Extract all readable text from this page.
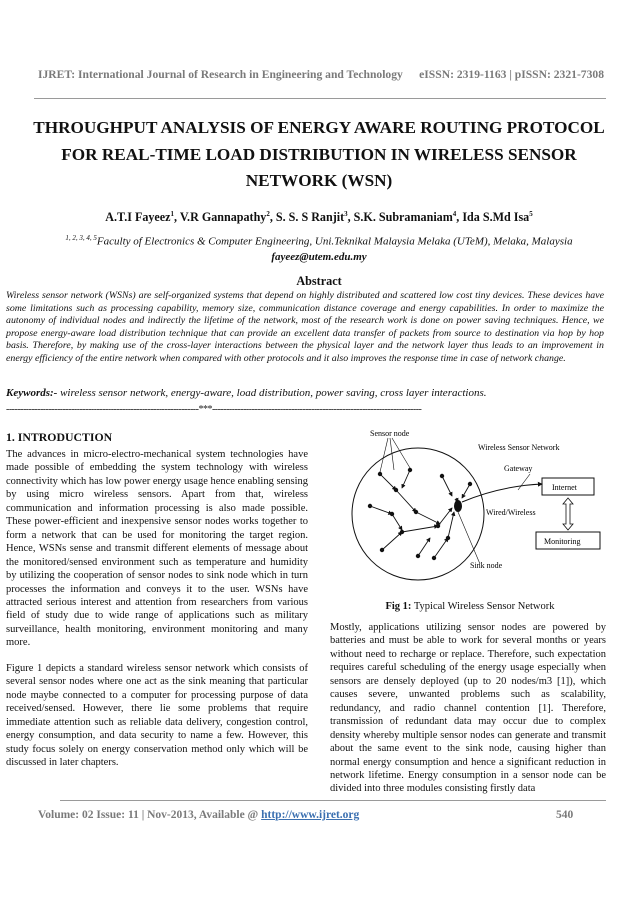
IJRET: International Journal of Research in Engineering and Technology eISSN: 2319-1163 | pISSN: 2321-7308
THROUGHPUT ANALYSIS OF ENERGY AWARE ROUTING PROTOCOL FOR REAL-TIME LOAD DISTRIBUTION IN WIRELESS SENSOR NETWORK (WSN)
A.T.I Fayeez$^1$, V.R Gannapathy$^2$, S. S. S Ranjit$^3$, S.K. Subramaniam$^4$, Ida S.Md Isa$^5$
$^{1, 2, 3, 4, 5}$Faculty of Electronics & Computer Engineering, Uni.Teknikal Malaysia Melaka (UTeM), Melaka, Malaysia
fayeez@utem.edu.my
Abstract
Wireless sensor network (WSNs) are self-organized systems that depend on highly distributed and scattered low cost tiny devices. These devices have some limitations such as processing capability, memory size, communication distance coverage and energy capabilities. In order to maximize the autonomy of individual nodes and indirectly the lifetime of the network, most of the research work is done on power saving techniques. Hence, we propose energy-aware load distribution technique that can provide an excellent data transfer of packets from source to destination via hop by hop basis. Therefore, by making use of the cross-layer interactions between the physical layer and the network layer thus leads to an improvement in energy efficiency of the entire network when compared with other protocols and it also improves the response time in case of network change.
Keywords:- wireless sensor network, energy-aware, load distribution, power saving, cross layer interactions.
--------------------------------------------------------------------***--------------------------------------------------------------------------
1. INTRODUCTION

The advances in micro-electro-mechanical system technologies have made possible of embedding the system technology with wireless connectivity which has low power energy usage hence enabling sensing by using micro wireless sensors. Apart from that, wireless communication and information processing is also made possible. These power-efficient and inexpensive sensor nodes works together to form a network that can be used for monitoring the target region. Hence, WSNs sense and transmit different elements of message about the monitored/sensed environment such as temperature and humidity by utilizing the cooperation of sensor nodes to sink node which in turn processes the information and conveys it to the user. WSNs have attracted serious interest and attention from researchers from various field of study due to wide range of applications such as military surveillance, health monitoring, environment monitoring and many more.

Figure 1 depicts a standard wireless sensor network which consists of several sensor nodes where one act as the sink meaning that particular node maybe connected to a computer for processing purpose of data received/sensed. However, there lie some problems that require immediate attention such as reliable data delivery, congestion control, energy consumption, and data security to name a few. However, this study focus solely on energy conservation method only which will be discussed in later chapters.

Sensor node
Wireless Sensor Network
Gateway
Wired/Wireless
Sink node
Internet
Monitoring
Fig 1: Typical Wireless Sensor Network

Mostly, applications utilizing sensor nodes are powered by batteries and must be able to work for several months or years without need to recharge or replace. Therefore, such expectation requires careful scheduling of the energy usage especially when sensors are densely deployed (up to 20 nodes/m3 [1]), which causes severe, unwanted problems such as scalability, redundancy, and radio channel contention [1]. Therefore, transmission of redundant data may occur due to complex density whereby multiple sensor nodes can generate and transmit about the same event to the sink node, causing higher than normal energy consumption and hence a significant reduction in network lifetime. Energy consumption in a sensor node can be divided into three modules consisting firstly data

Volume: 02 Issue: 11 | Nov-2013, Available @ http://www.ijret.org	540
